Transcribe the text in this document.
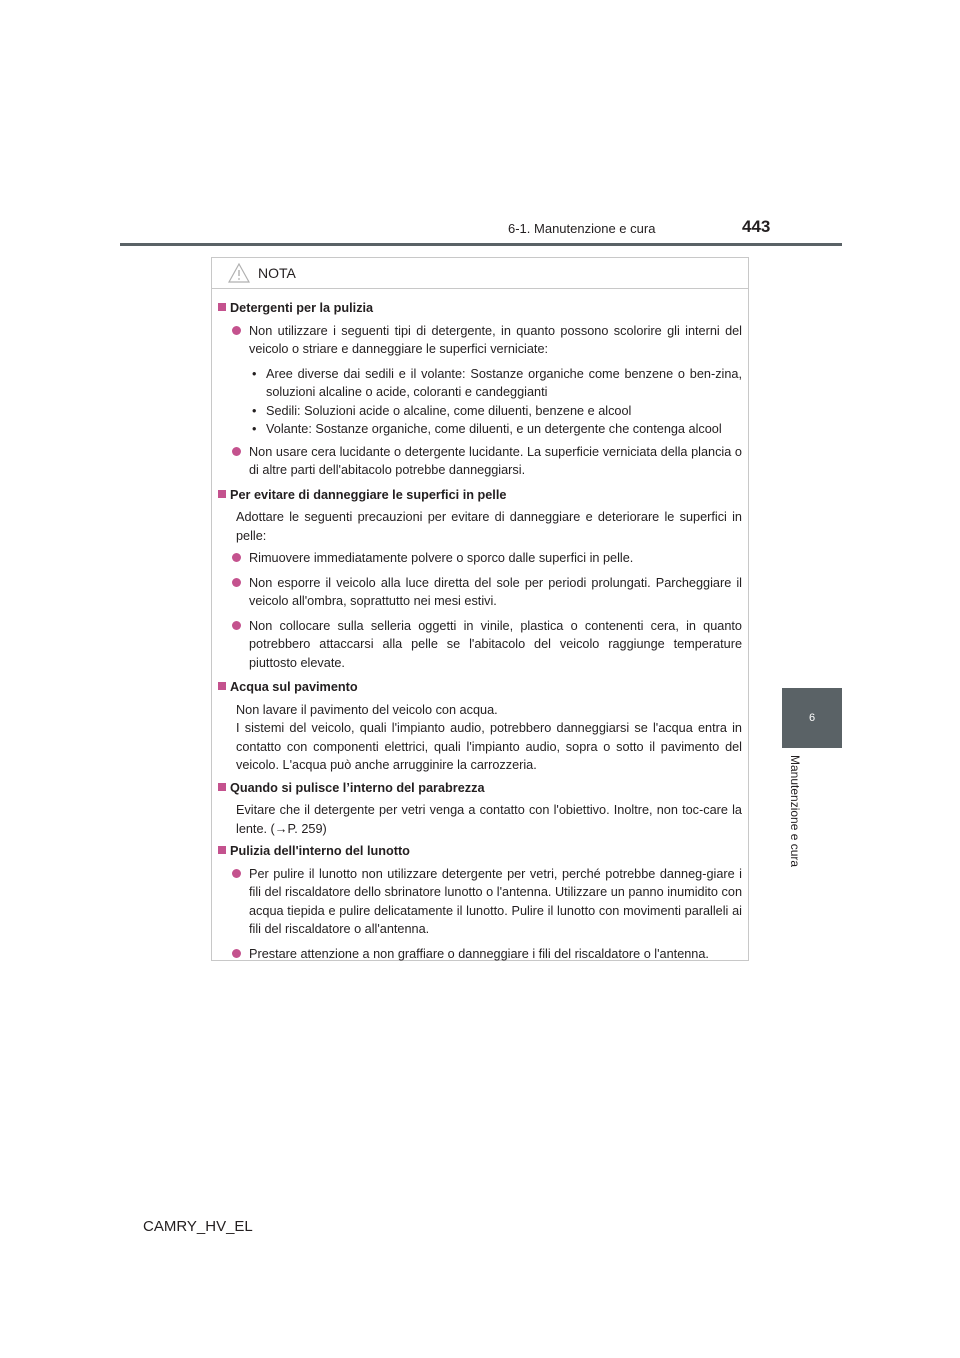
6-1. Manutenzione e cura	443
6
Manutenzione e cura
NOTA
Detergenti per la pulizia
Non utilizzare i seguenti tipi di detergente, in quanto possono scolorire gli interni del veicolo o striare e danneggiare le superfici verniciate:
• Aree diverse dai sedili e il volante: Sostanze organiche come benzene o ben-zina, soluzioni alcaline o acide, coloranti e candeggianti
• Sedili: Soluzioni acide o alcaline, come diluenti, benzene e alcool
• Volante: Sostanze organiche, come diluenti, e un detergente che contenga alcool
Non usare cera lucidante o detergente lucidante. La superficie verniciata della plancia o di altre parti dell'abitacolo potrebbe danneggiarsi.
Per evitare di danneggiare le superfici in pelle
Adottare le seguenti precauzioni per evitare di danneggiare e deteriorare le superfici in pelle:
Rimuovere immediatamente polvere o sporco dalle superfici in pelle.
Non esporre il veicolo alla luce diretta del sole per periodi prolungati. Parcheggiare il veicolo all'ombra, soprattutto nei mesi estivi.
Non collocare sulla selleria oggetti in vinile, plastica o contenenti cera, in quanto potrebbero attaccarsi alla pelle se l'abitacolo del veicolo raggiunge temperature piuttosto elevate.
Acqua sul pavimento
Non lavare il pavimento del veicolo con acqua.
I sistemi del veicolo, quali l'impianto audio, potrebbero danneggiarsi se l'acqua entra in contatto con componenti elettrici, quali l'impianto audio, sopra o sotto il pavimento del veicolo. L'acqua può anche arrugginire la carrozzeria.
Quando si pulisce l’interno del parabrezza
Evitare che il detergente per vetri venga a contatto con l'obiettivo. Inoltre, non toc-care la lente. (→P. 259)
Pulizia dell'interno del lunotto
Per pulire il lunotto non utilizzare detergente per vetri, perché potrebbe danneg-giare i fili del riscaldatore dello sbrinatore lunotto o l'antenna. Utilizzare un panno inumidito con acqua tiepida e pulire delicatamente il lunotto. Pulire il lunotto con movimenti paralleli ai fili del riscaldatore o all'antenna.
Prestare attenzione a non graffiare o danneggiare i fili del riscaldatore o l'antenna.
CAMRY_HV_EL
